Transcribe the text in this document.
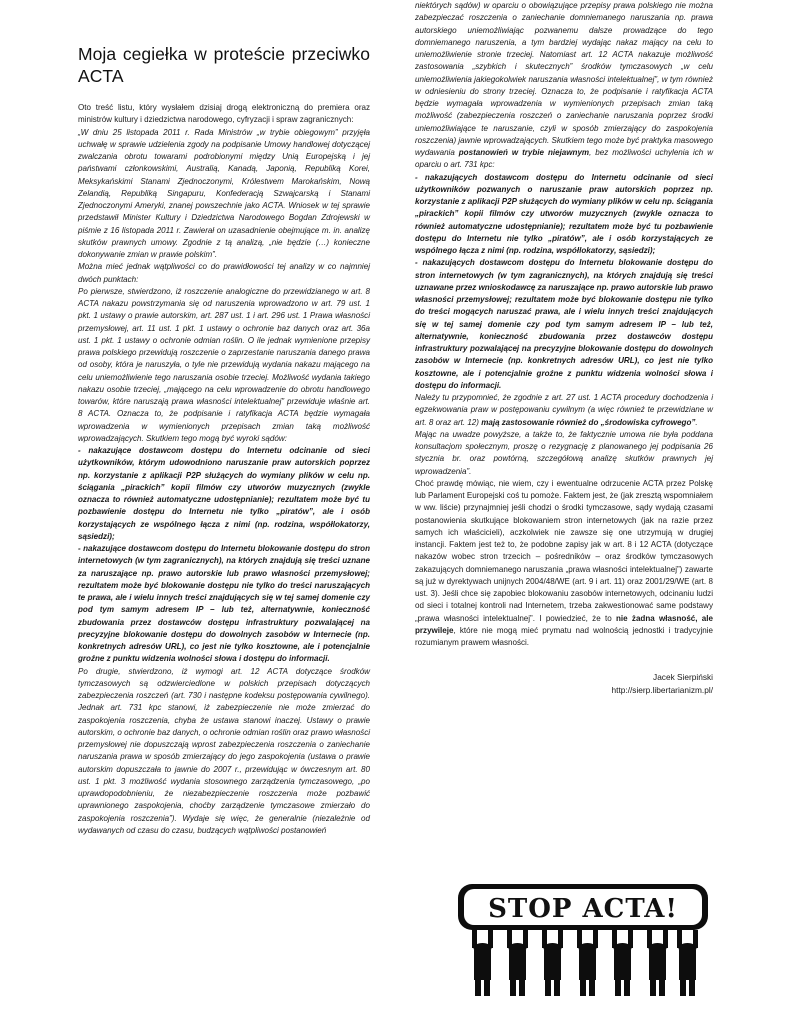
Moja cegiełka w proteście przeciwko ACTA

Oto treść listu, który wysłałem dzisiaj drogą elektroniczną do premiera oraz ministrów kultury i dziedzictwa narodowego, cyfryzacji i spraw zagranicznych:

„W dniu 25 listopada 2011 r. Rada Ministrów „w trybie obiegowym” przyjęła uchwałę w sprawie udzielenia zgody na podpisanie Umowy handlowej dotyczącej zwalczania obrotu towarami podrobionymi między Unią Europejską i jej państwami członkowskimi, Australią, Kanadą, Japonią, Republiką Korei, Meksykańskimi Stanami Zjednoczonymi, Królestwem Marokańskim, Nową Zelandią, Republiką Singapuru, Konfederacją Szwajcarską i Stanami Zjednoczonymi Ameryki, znanej powszechnie jako ACTA. Wniosek w tej sprawie przedstawił Minister Kultury i Dziedzictwa Narodowego Bogdan Zdrojewski w piśmie z 16 listopada 2011 r. Zawierał on uzasadnienie obejmujące m. in. analizę skutków prawnych umowy. Zgodnie z tą analizą, „nie będzie (…) konieczne dokonywanie zmian w prawie polskim”.

Można mieć jednak wątpliwości co do prawidłowości tej analizy w co najmniej dwóch punktach:

Po pierwsze, stwierdzono, iż roszczenie analogiczne do przewidzianego w art. 8 ACTA nakazu powstrzymania się od naruszenia wprowadzono w art. 79 ust. 1 pkt. 1 ustawy o prawie autorskim, art. 287 ust. 1 i art. 296 ust. 1 Prawa własności przemysłowej, art. 11 ust. 1 pkt. 1 ustawy o ochronie baz danych oraz art. 36a ust. 1 pkt. 1 ustawy o ochronie odmian roślin. O ile jednak wymienione przepisy prawa polskiego przewidują roszczenie o zaprzestanie naruszania danego prawa od osoby, która je naruszyła, o tyle nie przewidują wydania nakazu mającego na celu uniemożliwienie tego naruszania osobie trzeciej. Możliwość wydania takiego nakazu osobie trzeciej, „mającego na celu wprowadzenie do obrotu handlowego towarów, które naruszają prawa własności intelektualnej” przewiduje właśnie art. 8 ACTA. Oznacza to, że podpisanie i ratyfikacja ACTA będzie wymagała wprowadzenia w wymienionych przepisach zmian taką możliwość wprowadzających. Skutkiem tego mogą być wyroki sądów:

- nakazujące dostawcom dostępu do Internetu odcinanie od sieci użytkowników, którym udowodniono naruszanie praw autorskich poprzez np. korzystanie z aplikacji P2P służących do wymiany plików w celu np. ściągania „pirackich” kopii filmów czy utworów muzycznych (zwykle oznacza to również automatyczne udostępnianie); rezultatem może być tu pozbawienie dostępu do Internetu nie tylko „piratów”, ale i osób korzystających ze wspólnego łącza z nimi (np. rodzina, współlokatorzy, sąsiedzi);

- nakazujące dostawcom dostępu do Internetu blokowanie dostępu do stron internetowych (w tym zagranicznych), na których znajdują się treści uznane za naruszające np. prawo autorskie lub prawo własności przemysłowej; rezultatem może być blokowanie dostępu nie tylko do treści naruszających te prawa, ale i wielu innych treści znajdujących się w tej samej domenie czy pod tym samym adresem IP – lub też, alternatywnie, konieczność zbudowania przez dostawców dostępu infrastruktury pozwalającej na precyzyjne blokowanie dostępu do dowolnych zasobów w Internecie (np. konkretnych adresów URL), co jest nie tylko kosztowne, ale i potencjalnie groźne z punktu widzenia wolności słowa i dostępu do informacji.

Po drugie, stwierdzono, iż wymogi art. 12 ACTA dotyczące środków tymczasowych są odzwierciedlone w polskich przepisach dotyczących zabezpieczenia roszczeń (art. 730 i następne kodeksu postępowania cywilnego). Jednak art. 731 kpc stanowi, iż zabezpieczenie nie może zmierzać do zaspokojenia roszczenia, chyba że ustawa stanowi inaczej. Ustawy o prawie autorskim, o ochronie baz danych, o ochronie odmian roślin oraz prawo własności przemysłowej nie dopuszczają wprost zabezpieczenia roszczenia o zaniechanie naruszania prawa w sposób zmierzający do jego zaspokojenia (ustawa o prawie autorskim dopuszczała to jawnie do 2007 r., przewidując w ówczesnym art. 80 ust. 1 pkt. 3 możliwość wydania stosownego zarządzenia tymczasowego, „po uprawdopodobnieniu, że niezabezpieczenie roszczenia może pozbawić uprawnionego zaspokojenia, choćby zarządzenie tymczasowe zmierzało do zaspokojenia roszczenia”). Wydaje się więc, że generalnie (niezależnie od wydawanych od czasu do czasu, budzących wątpliwości postanowień

niektórych sądów) w oparciu o obowiązujące przepisy prawa polskiego nie można zabezpieczać roszczenia o zaniechanie domniemanego naruszania np. prawa autorskiego uniemożliwiając pozwanemu dalsze prowadzące do tego domniemanego naruszenia, a tym bardziej wydając nakaz mający na celu to uniemożliwienie stronie trzeciej. Natomiast art. 12 ACTA nakazuje możliwość zastosowania „szybkich i skutecznych” środków tymczasowych „w celu uniemożliwienia jakiegokolwiek naruszania własności intelektualnej”, w tym również w odniesieniu do strony trzeciej. Oznacza to, że podpisanie i ratyfikacja ACTA będzie wymagała wprowadzenia w wymienionych przepisach zmian taką możliwość (zabezpieczenia roszczeń o zaniechanie naruszania poprzez środki uniemożliwiające te naruszanie, czyli w sposób zmierzający do zaspokojenia roszczenia) jawnie wprowadzających. Skutkiem tego może być praktyka masowego wydawania postanowień w trybie niejawnym, bez możliwości uchylenia ich w oparciu o art. 731 kpc:

- nakazujących dostawcom dostępu do Internetu odcinanie od sieci użytkowników pozwanych o naruszanie praw autorskich poprzez np. korzystanie z aplikacji P2P służących do wymiany plików w celu np. ściągania „pirackich” kopii filmów czy utworów muzycznych (zwykle oznacza to również automatyczne udostępnianie); rezultatem może być tu pozbawienie dostępu do Internetu nie tylko „piratów”, ale i osób korzystających ze wspólnego łącza z nimi (np. rodzina, współlokatorzy, sąsiedzi);

- nakazujących dostawcom dostępu do Internetu blokowanie dostępu do stron internetowych (w tym zagranicznych), na których znajdują się treści uznawane przez wnioskodawcę za naruszające np. prawo autorskie lub prawo własności przemysłowej; rezultatem może być blokowanie dostępu nie tylko do treści mogących naruszać prawa, ale i wielu innych treści znajdujących się w tej samej domenie czy pod tym samym adresem IP – lub też, alternatywnie, konieczność zbudowania przez dostawców dostępu infrastruktury pozwalającej na precyzyjne blokowanie dostępu do dowolnych zasobów w Internecie (np. konkretnych adresów URL), co jest nie tylko kosztowne, ale i potencjalnie groźne z punktu widzenia wolności słowa i dostępu do informacji.

Należy tu przypomnieć, że zgodnie z art. 27 ust. 1 ACTA procedury dochodzenia i egzekwowania praw w postępowaniu cywilnym (a więc również te przewidziane w art. 8 oraz art. 12) mają zastosowanie również do „środowiska cyfrowego”.

Mając na uwadze powyższe, a także to, że faktycznie umowa nie była poddana konsultacjom społecznym, proszę o rezygnację z planowanego jej podpisania 26 stycznia br. oraz powtórną, szczegółową analizę skutków prawnych jej wprowadzenia”.

Choć prawdę mówiąc, nie wiem, czy i ewentualne odrzucenie ACTA przez Polskę lub Parlament Europejski coś tu pomoże. Faktem jest, że (jak zresztą wspomniałem w ww. liście) przynajmniej jeśli chodzi o środki tymczasowe, sądy wydają czasami postanowienia skutkujące blokowaniem stron internetowych (jak na razie przez samych ich właścicieli), aczkolwiek nie zawsze się one utrzymują w drugiej instancji. Faktem jest też to, że podobne zapisy jak w art. 8 i 12 ACTA (dotyczące nakazów wobec stron trzecich – pośredników – oraz środków tymczasowych zakazujących domniemanego naruszania „prawa własności intelektualnej”) zawarte są już w dyrektywach unijnych 2004/48/WE (art. 9 i art. 11) oraz 2001/29/WE (art. 8 ust. 3). Jeśli chce się zapobiec blokowaniu zasobów internetowych, odcinaniu ludzi od sieci i totalnej kontroli nad Internetem, trzeba zakwestionować same podstawy „prawa własności intelektualnej”. I powiedzieć, że to nie żadna własność, ale przywileje, które nie mogą mieć prymatu nad wolnością jednostki i tradycyjnie rozumianym prawem własności.

Jacek Sierpiński

http://sierp.libertarianizm.pl/

STOP ACTA!
